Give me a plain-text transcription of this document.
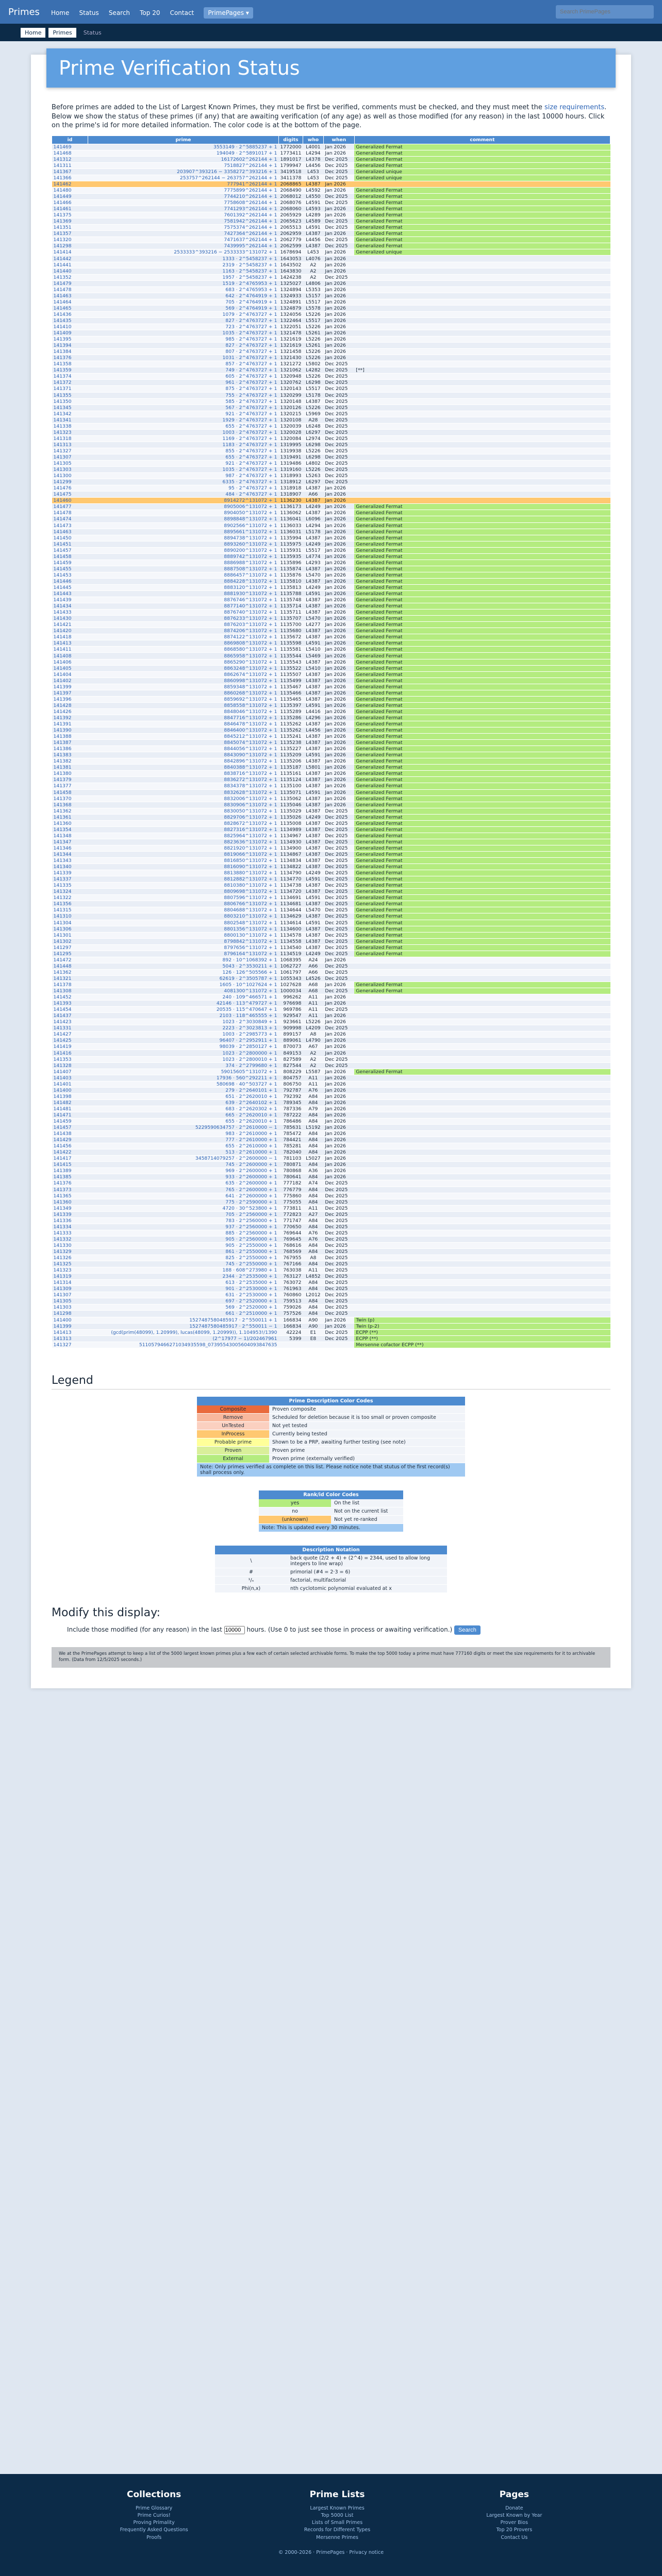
Primes Home Status Search Top 20 Contact PrimePages ▾
Search PrimePages
Home	Primes	Status
Prime Verification Status

Before primes are added to the List of Largest Known Primes, they must be first be verified, comments must be checked, and they must meet the size requirements. Below we show the status of these primes (if any) that are awaiting verification (of any age) as well as those modified (for any reason) in the last 10000 hours. Click on the prime's id for more detailed information. The color code is at the bottom of the page.

id	prime	digits	who	when	comment
141469	3553149 · 2^5885237 + 1	1772000	L4001	Jan 2026	Generalized Fermat
141468	194049 · 2^5891017 + 1	1773411	L4294	Jan 2026	Generalized Fermat
141312	16172602^262144 + 1	1891017	L4378	Dec 2025	Generalized Fermat
141311	7518827^262144 + 1	1799947	L4456	Dec 2025	Generalized Fermat
141367	203907^393216 − 3358272^393216 + 1	3419518	L453	Dec 2025	Generalized unique
141366	253757^262144 − 263757^262144 + 1	3411378	L453	Dec 2025	Generalized unique
141462	777941^262144 + 1	2068865	L4387	Jan 2026	
141480	7775899^262144 + 1	2068490	L4592	Jan 2026	Generalized Fermat
141449	7744210^262144 + 1	2068012	L4550	Dec 2025	Generalized Fermat
141466	7758608^262144 + 1	2068076	L4591	Dec 2025	Generalized Fermat
141461	7741293^262144 + 1	2068060	L4593	Jan 2026	Generalized Fermat
141375	7601392^262144 + 1	2065929	L4289	Jan 2026	Generalized Fermat
141369	7581942^262144 + 1	2065623	L4589	Dec 2025	Generalized Fermat
141351	7575374^262144 + 1	2065513	L4591	Dec 2025	Generalized Fermat
141357	7427364^262144 + 1	2062959	L4387	Jan 2026	Generalized Fermat
141320	7471637^262144 + 1	2062779	L4456	Dec 2025	Generalized Fermat
141298	7439995^262144 + 1	2062599	L4387	Dec 2025	Generalized Fermat
141414	2533333^393216 − 2533333^131072 + 1	1678694	L453	Jan 2026	Generalized unique
141442	1333 · 2^5458237 + 1	1643053	L4076	Jan 2026	
141441	2319 · 2^5458237 + 1	1643502	A2	Jan 2026	
141440	1163 · 2^5458237 + 1	1643830	A2	Jan 2026	
141352	1957 · 2^5458237 + 1	1424238	A2	Dec 2025	
141479	1519 · 2^4765953 + 1	1325027	L4806	Jan 2026	
141478	683 · 2^4765953 + 1	1324894	L5353	Jan 2026	
141463	642 · 2^4764919 + 1	1324933	L5157	Jan 2026	
141464	705 · 2^4764919 + 1	1324891	L5517	Jan 2026	
141465	569 · 2^4764919 + 1	1324879	L5578	Jan 2026	
141436	1079 · 2^4763727 + 1	1324056	L5226	Jan 2026	
141435	827 · 2^4763727 + 1	1322464	L5517	Jan 2026	
141410	723 · 2^4763727 + 1	1322051	L5226	Jan 2026	
141409	1035 · 2^4763727 + 1	1321478	L5261	Jan 2026	
141395	985 · 2^4763727 + 1	1321619	L5226	Jan 2026	
141394	827 · 2^4763727 + 1	1321619	L5261	Jan 2026	
141384	807 · 2^4763727 + 1	1321458	L5226	Jan 2026	
141376	1031 · 2^4763727 + 1	1321430	L5226	Jan 2026	
141358	857 · 2^4763727 + 1	1321272	L5802	Dec 2025	
141359	749 · 2^4763727 + 1	1321062	L4282	Dec 2025	[**]
141374	605 · 2^4763727 + 1	1320948	L5226	Dec 2025	
141372	961 · 2^4763727 + 1	1320762	L6298	Dec 2025	
141371	875 · 2^4763727 + 1	1320143	L5517	Dec 2025	
141355	755 · 2^4763727 + 1	1320299	L5178	Dec 2025	
141350	585 · 2^4763727 + 1	1320148	L4387	Dec 2025	
141345	567 · 2^4763727 + 1	1320126	L5226	Dec 2025	
141342	921 · 2^4763727 + 1	1320215	L5969	Dec 2025	
141341	1929 · 2^4763727 + 1	1320108	A28	Dec 2025	
141338	655 · 2^4763727 + 1	1320039	L6248	Dec 2025	
141323	1003 · 2^4763727 + 1	1320028	L6297	Dec 2025	
141318	1169 · 2^4763727 + 1	1320084	L2974	Dec 2025	
141313	1183 · 2^4763727 + 1	1319995	L6298	Dec 2025	
141327	855 · 2^4763727 + 1	1319938	L5226	Dec 2025	
141307	655 · 2^4763727 + 1	1319491	L6298	Dec 2025	
141305	921 · 2^4763727 + 1	1319486	L4802	Dec 2025	
141303	1035 · 2^4763727 + 1	1319160	L5226	Dec 2025	
141300	987 · 2^4763727 + 1	1318993	L5263	Dec 2025	
141299	6335 · 2^4763727 + 1	1318912	L6297	Dec 2025	
141476	95 · 2^4763727 + 1	1318918	L4387	Jan 2026	
141475	484 · 2^4763727 + 1	1318907	A66	Jan 2026	
141460	8914272^131072 + 1	1136230	L4387	Jan 2026	
141477	8905006^131072 + 1	1136173	L4249	Jan 2026	Generalized Fermat
141478	8904050^131072 + 1	1136062	L4387	Jan 2026	Generalized Fermat
141474	8898848^131072 + 1	1136041	L6096	Jan 2026	Generalized Fermat
141473	8902566^131072 + 1	1136033	L4294	Jan 2026	Generalized Fermat
141463	8895661^131072 + 1	1136031	L5178	Jan 2026	Generalized Fermat
141450	8894738^131072 + 1	1135994	L4387	Jan 2026	Generalized Fermat
141451	8893260^131072 + 1	1135975	L4249	Jan 2026	Generalized Fermat
141457	8890200^131072 + 1	1135931	L5517	Jan 2026	Generalized Fermat
141458	8889742^131072 + 1	1135935	L4774	Jan 2026	Generalized Fermat
141459	8886988^131072 + 1	1135896	L4293	Jan 2026	Generalized Fermat
141455	8887508^131072 + 1	1135874	L4387	Jan 2026	Generalized Fermat
141453	8886457^131072 + 1	1135876	L5470	Jan 2026	Generalized Fermat
141446	8884228^131072 + 1	1135810	L4387	Jan 2026	Generalized Fermat
141445	8883120^131072 + 1	1135813	L4249	Jan 2026	Generalized Fermat
141443	8881930^131072 + 1	1135788	L4591	Jan 2026	Generalized Fermat
141439	8876746^131072 + 1	1135748	L4387	Jan 2026	Generalized Fermat
141434	8877140^131072 + 1	1135714	L4387	Jan 2026	Generalized Fermat
141433	8876740^131072 + 1	1135711	L4387	Jan 2026	Generalized Fermat
141430	8876233^131072 + 1	1135707	L5470	Jan 2026	Generalized Fermat
141421	8876203^131072 + 1	1135700	L4277	Jan 2026	Generalized Fermat
141420	8874206^131072 + 1	1135680	L4387	Jan 2026	Generalized Fermat
141418	8874122^131072 + 1	1135672	L4387	Jan 2026	Generalized Fermat
141413	8869808^131072 + 1	1135598	L4591	Jan 2026	Generalized Fermat
141411	8868580^131072 + 1	1135581	L5410	Jan 2026	Generalized Fermat
141408	8865958^131072 + 1	1135544	L5469	Jan 2026	Generalized Fermat
141406	8865290^131072 + 1	1135543	L4387	Jan 2026	Generalized Fermat
141405	8863248^131072 + 1	1135522	L5410	Jan 2026	Generalized Fermat
141404	8862674^131072 + 1	1135507	L4387	Jan 2026	Generalized Fermat
141402	8860998^131072 + 1	1135499	L4387	Jan 2026	Generalized Fermat
141399	8859348^131072 + 1	1135467	L4387	Jan 2026	Generalized Fermat
141397	8860268^131072 + 1	1135466	L4387	Jan 2026	Generalized Fermat
141396	8859692^131072 + 1	1135465	L4387	Jan 2026	Generalized Fermat
141428	8858558^131072 + 1	1135397	L4591	Jan 2026	Generalized Fermat
141426	8848046^131072 + 1	1135289	L4416	Jan 2026	Generalized Fermat
141392	8847716^131072 + 1	1135286	L4296	Jan 2026	Generalized Fermat
141391	8846478^131072 + 1	1135262	L4387	Jan 2026	Generalized Fermat
141390	8846400^131072 + 1	1135262	L4456	Jan 2026	Generalized Fermat
141388	8845212^131072 + 1	1135241	L4387	Jan 2026	Generalized Fermat
141387	8845074^131072 + 1	1135238	L4387	Jan 2026	Generalized Fermat
141386	8844056^131072 + 1	1135227	L4387	Jan 2026	Generalized Fermat
141383	8843090^131072 + 1	1135209	L4591	Jan 2026	Generalized Fermat
141382	8842896^131072 + 1	1135206	L4387	Jan 2026	Generalized Fermat
141381	8840388^131072 + 1	1135187	L5801	Jan 2026	Generalized Fermat
141380	8838716^131072 + 1	1135161	L4387	Jan 2026	Generalized Fermat
141379	8836272^131072 + 1	1135124	L4387	Jan 2026	Generalized Fermat
141377	8834378^131072 + 1	1135100	L4387	Jan 2026	Generalized Fermat
141458	8832628^131072 + 1	1135071	L4591	Jan 2026	Generalized Fermat
141370	8832006^131072 + 1	1135062	L4387	Jan 2026	Generalized Fermat
141368	8830906^131072 + 1	1135046	L4387	Jan 2026	Generalized Fermat
141362	8830050^131072 + 1	1135029	L4387	Dec 2025	Generalized Fermat
141361	8829706^131072 + 1	1135026	L4249	Dec 2025	Generalized Fermat
141360	8828672^131072 + 1	1135008	L4387	Dec 2025	Generalized Fermat
141354	8827316^131072 + 1	1134989	L4387	Dec 2025	Generalized Fermat
141348	8825964^131072 + 1	1134967	L4387	Dec 2025	Generalized Fermat
141347	8823636^131072 + 1	1134930	L4387	Dec 2025	Generalized Fermat
141346	8821920^131072 + 1	1134900	L4387	Dec 2025	Generalized Fermat
141344	8819066^131072 + 1	1134867	L4387	Dec 2025	Generalized Fermat
141343	8816850^131072 + 1	1134834	L4387	Dec 2025	Generalized Fermat
141340	8816090^131072 + 1	1134822	L4387	Dec 2025	Generalized Fermat
141339	8813880^131072 + 1	1134790	L4249	Dec 2025	Generalized Fermat
141337	8812882^131072 + 1	1134770	L4591	Dec 2025	Generalized Fermat
141335	8810380^131072 + 1	1134738	L4387	Dec 2025	Generalized Fermat
141324	8809698^131072 + 1	1134720	L4387	Dec 2025	Generalized Fermat
141322	8807596^131072 + 1	1134691	L4591	Dec 2025	Generalized Fermat
141356	8806766^131072 + 1	1134681	L4387	Dec 2025	Generalized Fermat
141315	8804688^131072 + 1	1134644	L5470	Dec 2025	Generalized Fermat
141310	8803210^131072 + 1	1134629	L4387	Dec 2025	Generalized Fermat
141304	8802548^131072 + 1	1134614	L4591	Dec 2025	Generalized Fermat
141306	8801356^131072 + 1	1134600	L4387	Dec 2025	Generalized Fermat
141301	8800130^131072 + 1	1134578	L4387	Dec 2025	Generalized Fermat
141302	8798842^131072 + 1	1134558	L4387	Dec 2025	Generalized Fermat
141297	8797656^131072 + 1	1134540	L4387	Dec 2025	Generalized Fermat
141295	8796164^131072 + 1	1134519	L4249	Dec 2025	Generalized Fermat
141472	892 · 10^1068392 + 1	1068395	A24	Jan 2026	
141448	5043 · 2^3530211 + 1	1062727	A66	Dec 2025	
141362	126 · 126^505566 + 1	1061797	A66	Dec 2025	
141321	62619 · 2^3505787 + 1	1055343	L4526	Dec 2025	
141378	1605 · 10^1027624 + 1	1027628	A68	Jan 2026	Generalized Fermat
141308	4081300^131072 + 1	1000034	A68	Dec 2025	Generalized Fermat
141452	240 · 109^466571 + 1	996262	A11	Jan 2026	
141393	42146 · 113^479727 + 1	976698	A11	Jan 2026	
141454	20535 · 115^470647 + 1	969786	A11	Dec 2025	
141437	2103 · 118^465555 + 1	929547	A11	Jan 2026	
141423	1023 · 2^3030849 + 1	923661	L5226	Jan 2026	
141331	2223 · 2^3023813 + 1	909998	L4209	Dec 2025	
141427	1003 · 2^2985773 + 1	899157	A8	Jan 2026	
141425	96407 · 2^2952911 + 1	889061	L4790	Jan 2026	
141419	98039 · 2^2850127 + 1	870073	A67	Jan 2026	
141416	1023 · 2^2800000 + 1	849153	A2	Jan 2026	
141353	1023 · 2^2800010 + 1	827589	A2	Dec 2025	
141328	374 · 2^2799680 + 1	827544	A2	Dec 2025	
141407	59015605^131072 + 1	808229	L5587	Jan 2026	Generalized Fermat
141403	17936 · 560^292211 + 1	804757	A11	Jan 2026	
141401	580698 · 40^503727 + 1	806750	A11	Jan 2026	
141400	279 · 2^2640101 + 1	792787	A76	Jan 2026	
141398	651 · 2^2620010 + 1	792392	A84	Jan 2026	
141482	639 · 2^2640102 + 1	789345	A84	Jan 2026	
141481	683 · 2^2620302 + 1	787336	A79	Jan 2026	
141471	665 · 2^2620010 + 1	787222	A84	Jan 2026	
141459	655 · 2^2620010 + 1	786486	A84	Jan 2026	
141457	5229590634757 · 2^2610000 − 1	785631	L5192	Jan 2026	
141438	983 · 2^2610000 + 1	785472	A84	Jan 2026	
141429	777 · 2^2610000 + 1	784421	A84	Jan 2026	
141456	655 · 2^2610000 + 1	785281	A84	Jan 2026	
141422	513 · 2^2610000 + 1	782040	A84	Jan 2026	
141417	3458714079257 · 2^2600000 − 1	781103	L5027	Jan 2026	
141415	745 · 2^2600000 + 1	780871	A84	Jan 2026	
141389	969 · 2^2600000 + 1	780868	A36	Jan 2026	
141385	933 · 2^2600000 + 1	780641	A84	Jan 2026	
141376	635 · 2^2600000 + 1	777182	A74	Dec 2025	
141373	765 · 2^2600000 + 1	776779	A84	Dec 2025	
141365	641 · 2^2600000 + 1	775860	A84	Dec 2025	
141360	775 · 2^2590000 + 1	775055	A84	Dec 2025	
141349	4720 · 30^523800 + 1	773811	A11	Dec 2025	
141339	705 · 2^2560000 + 1	772823	A27	Dec 2025	
141336	783 · 2^2560000 + 1	771747	A84	Dec 2025	
141334	937 · 2^2560000 + 1	770650	A84	Dec 2025	
141333	885 · 2^2560000 + 1	769644	A76	Dec 2025	
141332	905 · 2^2560000 + 1	769645	A76	Dec 2025	
141330	905 · 2^2550000 + 1	768616	A84	Dec 2025	
141329	861 · 2^2550000 + 1	768569	A84	Dec 2025	
141326	825 · 2^2550000 + 1	767955	A8	Dec 2025	
141325	745 · 2^2550000 + 1	767166	A84	Dec 2025	
141323	188 · 608^273980 + 1	763038	A11	Dec 2025	
141319	2344 · 2^2535000 + 1	763127	L4852	Dec 2025	
141314	613 · 2^2535000 + 1	763072	A84	Dec 2025	
141309	901 · 2^2530000 + 1	761963	A84	Dec 2025	
141307	631 · 2^2530000 + 1	760860	L2012	Dec 2025	
141305	697 · 2^2520000 + 1	759513	A84	Dec 2025	
141303	569 · 2^2520000 + 1	759026	A84	Dec 2025	
141298	661 · 2^2510000 + 1	757526	A84	Dec 2025	
141400	1527487580485917 · 2^550011 + 1	166834	A90	Jan 2026	Twin (p)
141399	1527487580485917 · 2^550011 − 1	166834	A90	Jan 2026	Twin (p-2)
141413	(gcd(prim(48099), 1.20999), lucas(48099, 1.20999)), 1.104953!/1390	42224	E1	Dec 2025	ECPP (**)
141313	(2^17977 − 1)/202467961	5399	E8	Dec 2025	ECPP (**)
141327	5110579466271034935598_07395543005604093847635				Mersenne cofactor ECPP (**)
Legend
Prime Description Color Codes	
Composite	Proven composite
Remove	Scheduled for deletion because it is too small or proven composite
UnTested	Not yet tested
InProcess	Currently being tested
Probable prime	Shown to be a PRP, awaiting further testing (see note)
Proven	Proven prime
External	Proven prime (externally verified)
Note: Only primes verified as complete on this list. Please notice note that stutus of the first record(s) shall process only.	
Rank/id Color Codes	
yes	On the list
no	Not on the current list
(unknown)	Not yet re-ranked
Note: This is updated every 30 minutes.	
Description Notation	
\	back quote (2/2 + 4) + (2^4) = 2344, used to allow long integers to line wrap)
#	primorial (#4 = 2·3 = 6)
¹/ₙ	factorial, multifactorial
Phi(n,x)	nth cyclotomic polynomial evaluated at x
Modify this display:

Include those modified (for any reason) in the last 10000	hours. (Use 0 to just see those in process or awaiting verification.) Search

We at the PrimePages attempt to keep a list of the 5000 largest known primes plus a few each of certain selected archivable forms. To make the top 5000 today a prime must have 777160 digits or meet the size requirements for it to archivable form. (Data from 12/5/2025 seconds.)
Collections
Prime Glossary
Prime Curios!
Proving Primality
Frequently Asked Questions
Proofs
Prime Lists
Largest Known Primes
Top 5000 List
Lists of Small Primes
Records for Different Types
Mersenne Primes
Pages
Donate
Largest Known by Year
Prover Bios
Top 20 Provers
Contact Us
© 2000-2026 · PrimePages · Privacy notice
